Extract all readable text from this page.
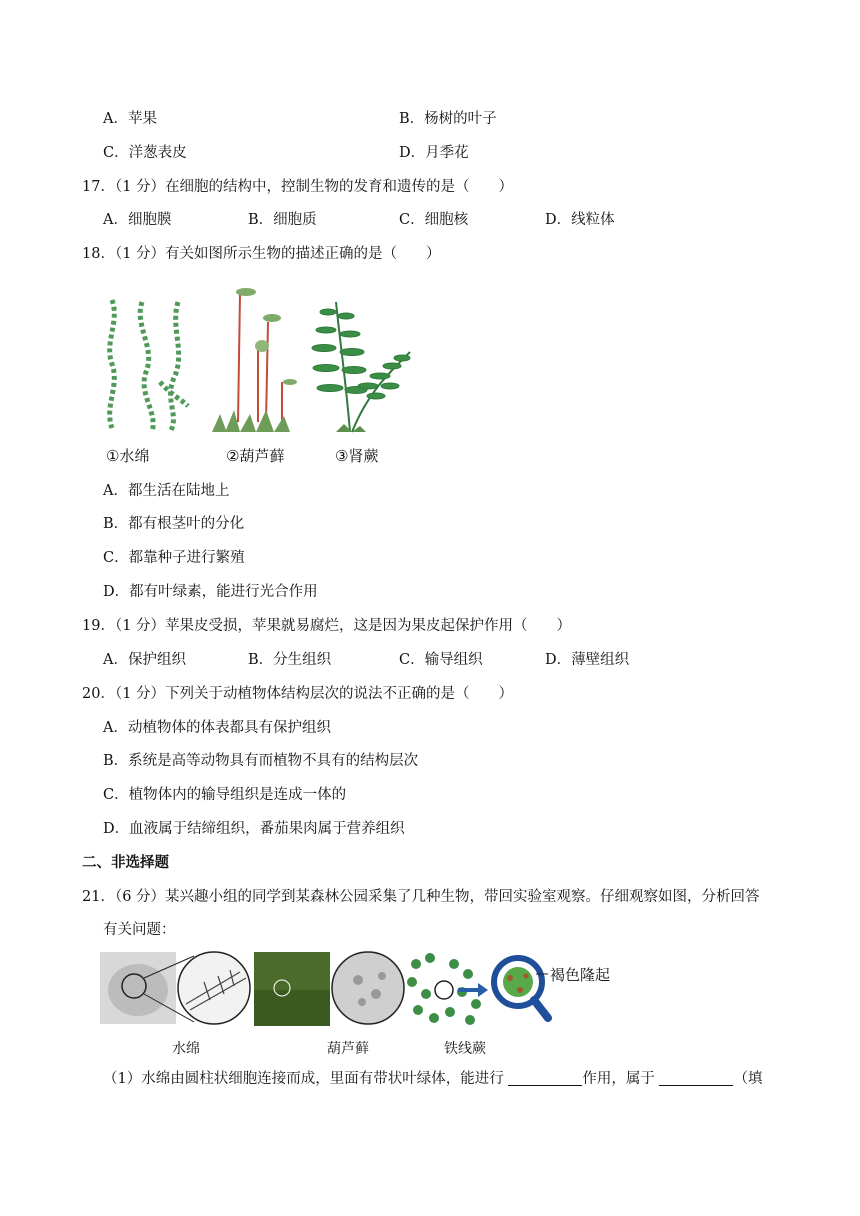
A．苹果	B．杨树的叶子
C．洋葱表皮	D．月季花
17．（1 分）在细胞的结构中，控制生物的发育和遗传的是（　　）
A．细胞膜	B．细胞质	C．细胞核	D．线粒体
18．（1 分）有关如图所示生物的描述正确的是（　　）
①水绵	②葫芦藓	③肾蕨
A．都生活在陆地上
B．都有根茎叶的分化
C．都靠种子进行繁殖
D．都有叶绿素，能进行光合作用
19．（1 分）苹果皮受损，苹果就易腐烂，这是因为果皮起保护作用（　　）
A．保护组织	B．分生组织	C．输导组织	D．薄壁组织
20．（1 分）下列关于动植物体结构层次的说法不正确的是（　　）
A．动植物体的体表都具有保护组织
B．系统是高等动物具有而植物不具有的结构层次
C．植物体内的输导组织是连成一体的
D．血液属于结缔组织，番茄果肉属于营养组织
二、非选择题
21．（6 分）某兴趣小组的同学到某森林公园采集了几种生物，带回实验室观察。仔细观察如图，分析回答
有关问题：
褐色隆起
水绵	葫芦藓	铁线蕨
（1）水绵由圆柱状细胞连接而成，里面有带状叶绿体，能进行	作用，属于	（填
